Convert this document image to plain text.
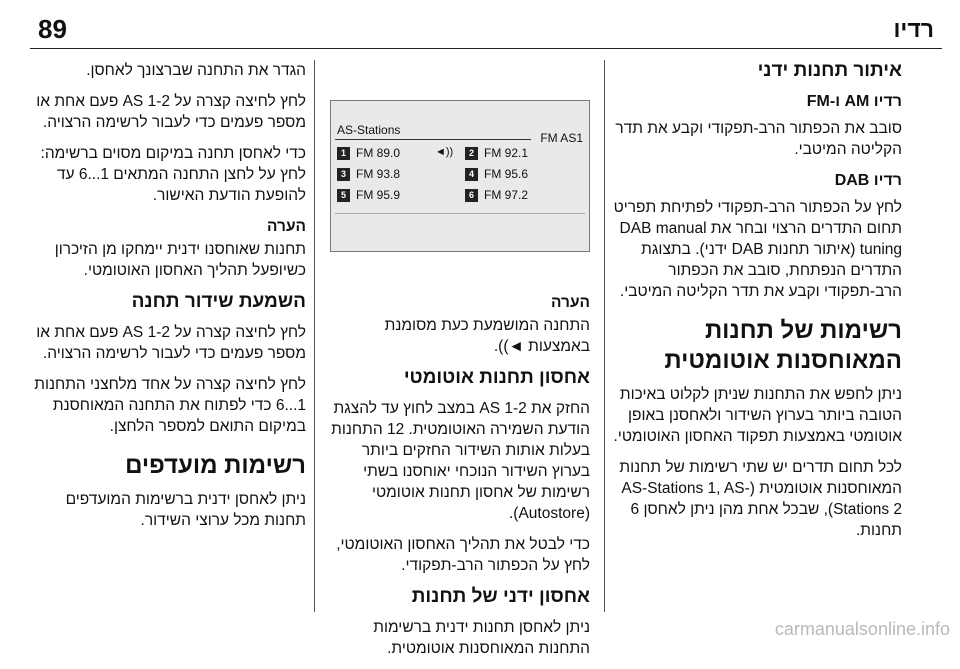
89	רדיו
איתור תחנות ידני
רדיו AM ו-FM

סובב את הכפתור הרב-תפקודי וקבע את תדר הקליטה המיטבי.

רדיו DAB

לחץ על הכפתור הרב-תפקודי לפתיחת תפריט תחום התדרים הרצוי ובחר את DAB manual tuning (איתור תחנות DAB ידני). בתצוגת התדרים הנפתחת, סובב את הכפתור הרב-תפקודי וקבע את תדר הקליטה המיטבי.

רשימות של תחנות המאוחסנות אוטומטית

ניתן לחפש את התחנות שניתן לקלוט באיכות הטובה ביותר בערוץ השידור ולאחסנן באופן אוטומטי באמצעות תפקוד האחסון האוטומטי.

לכל תחום תדרים יש שתי רשימות של תחנות המאוחסנות אוטומטית (AS-Stations 1, AS-Stations 2), שבכל אחת מהן ניתן לאחסן 6 תחנות.

AS-Stations
FM AS1
1 FM 89.0	◄))	2 FM 92.1
3 FM 93.8	4 FM 95.6
5 FM 95.9	6 FM 97.2
הערה

התחנה המושמעת כעת מסומנת באמצעות ◄)).

אחסון תחנות אוטומטי

החזק את AS 1-2 במצב לחוץ עד להצגת הודעת השמירה האוטומטית. 12 התחנות בעלות אותות השידור החזקים ביותר בערוץ השידור הנוכחי יאוחסנו בשתי רשימות של אחסון תחנות אוטומטי (Autostore).

כדי לבטל את תהליך האחסון האוטומטי, לחץ על הכפתור הרב-תפקודי.

אחסון ידני של תחנות

ניתן לאחסן תחנות ידנית ברשימות התחנות המאוחסנות אוטומטית.

הגדר את התחנה שברצונך לאחסן.

לחץ לחיצה קצרה על AS 1-2 פעם אחת או מספר פעמים כדי לעבור לרשימה הרצויה.

כדי לאחסן תחנה במיקום מסוים ברשימה: לחץ על לחצן התחנה המתאים 1...6 עד להופעת הודעת האישור.

הערה

תחנות שאוחסנו ידנית יימחקו מן הזיכרון כשיופעל תהליך האחסון האוטומטי.

השמעת שידור תחנה

לחץ לחיצה קצרה על AS 1-2 פעם אחת או מספר פעמים כדי לעבור לרשימה הרצויה.

לחץ לחיצה קצרה על אחד מלחצני התחנות 1...6 כדי לפתוח את התחנה המאוחסנת במיקום התואם למספר הלחצן.

רשימות מועדפים

ניתן לאחסן ידנית ברשימות המועדפים תחנות מכל ערוצי השידור.

carmanualsonline.info
